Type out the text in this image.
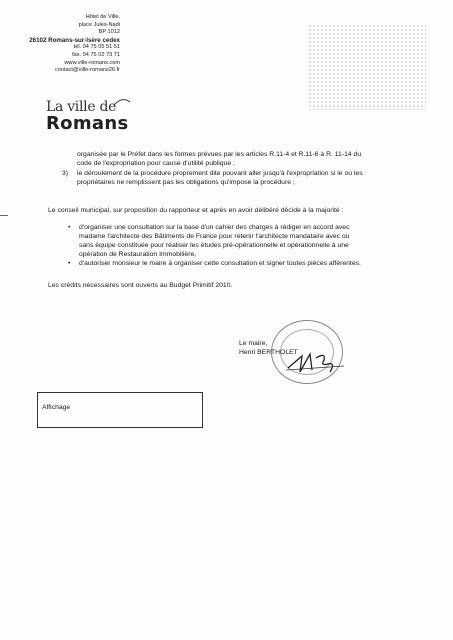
Hôtel de Ville,
place Jules-Nadi
BP 1012
26102 Romans-sur-Isère cedex
tél. 04 75 05 51 51
fax. 04 75 02 73 71
www.ville-romans.com
contact@ville-romans26.fr
La ville de
Romans
organisée par le Préfet dans les formes prévues par les articles R.11-4 et R.11-6 à R. 11-14 du
code de l'expropriation pour cause d'utilité publique ;
3) le déroulement de la procédure proprement dite pouvant aller jusqu'à l'expropriation si le ou les
propriétaires ne remplissent pas les obligations qu'impose la procédure ;
Le conseil municipal, sur proposition du rapporteur et après en avoir délibéré décide à la majorité :
• d'organiser une consultation sur la base d'un cahier des charges à rédiger en accord avec
madame l'architecte des Bâtiments de France pour retenir l'architecte mandataire avec ou
sans équipe constituée pour réaliser les études pré-opérationnelle et opérationnelle à une
opération de Restauration Immobilière,
• d'autoriser monsieur le maire à organiser cette consultation et signer toutes pièces afférentes.
Les crédits nécessaires sont ouverts au Budget Primitif 2010.
Le maire,
Henri BERTHOLET
Affichage
